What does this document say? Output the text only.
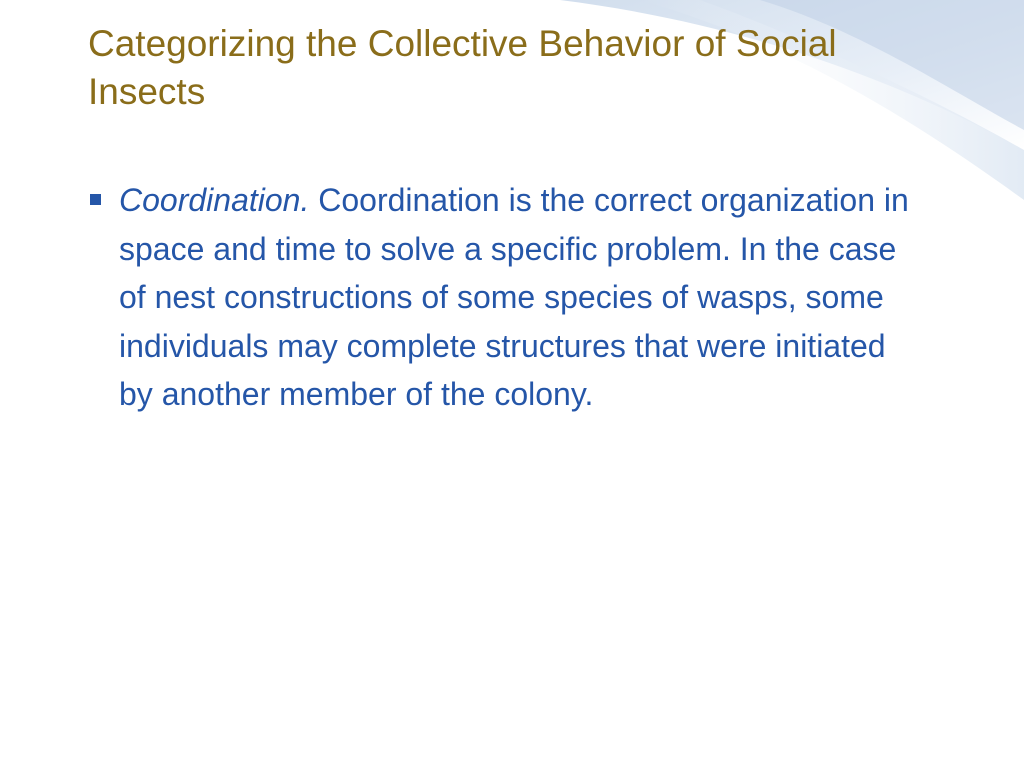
Categorizing the Collective Behavior of Social Insects
Coordination. Coordination is the correct organization in space and time to solve a specific problem. In the case of nest constructions of some species of wasps, some individuals may complete structures that were initiated by another member of the colony.
